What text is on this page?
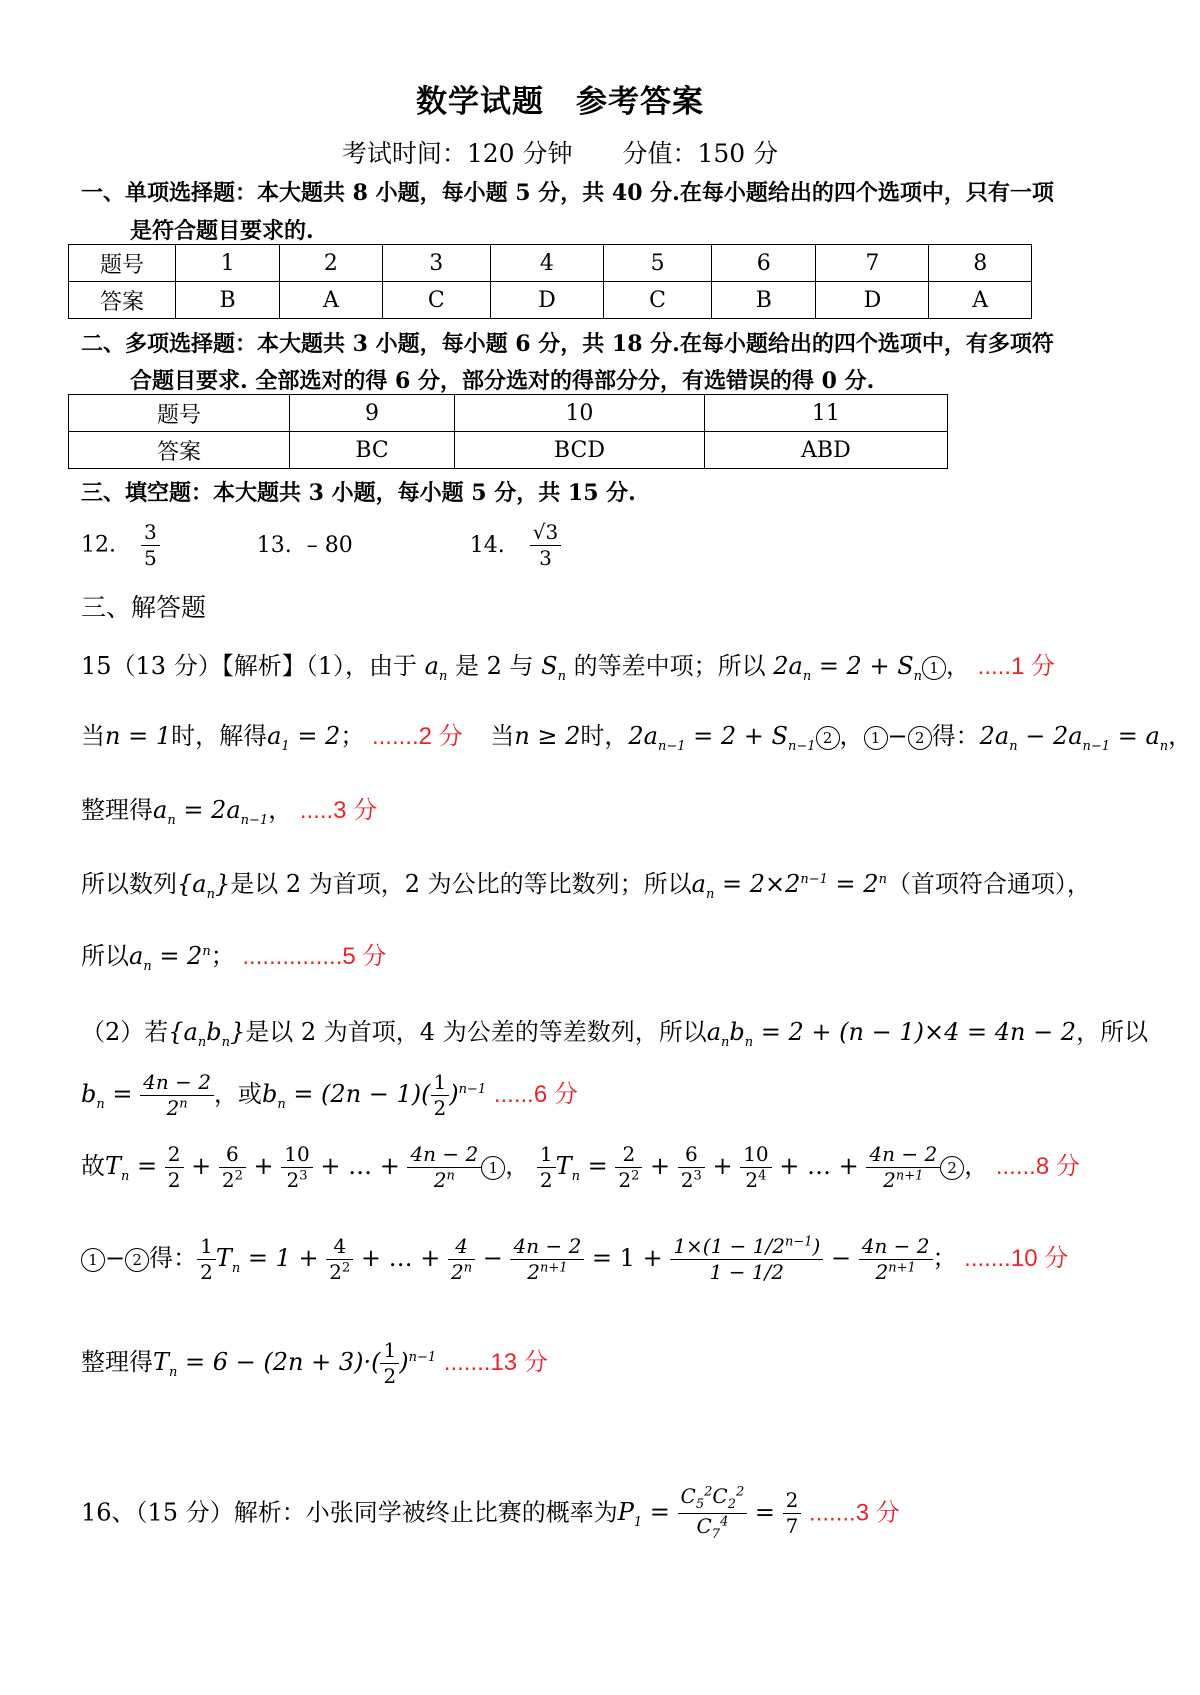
数学试题　参考答案
考试时间：120 分钟　　分值：150 分
一、单项选择题：本大题共 8 小题，每小题 5 分，共 40 分.在每小题给出的四个选项中，只有一项
是符合题目要求的.
题号	1	2	3	4	5	6	7	8
答案	B	A	C	D	C	B	D	A
二、多项选择题：本大题共 3 小题，每小题 6 分，共 18 分.在每小题给出的四个选项中，有多项符
合题目要求. 全部选对的得 6 分，部分选对的得部分分，有选错误的得 0 分.
题号	9	10	11
答案	BC	BCD	ABD
三、填空题：本大题共 3 小题，每小题 5 分，共 15 分.
12. $\frac{3}{5}$	13. – 80	14. $\frac{√3}{3}$
三、解答题
15（13 分）【解析】（1），由于 $a_n$ 是 2 与 $S_n$ 的等差中项；所以 $2a_n = 2 + S_n$ 1 ， .....1 分
当n = 1时，解得$a_1 = 2$； .......2 分 当n ≥ 2时，$2a_{n-1} = 2 + S_{n-1}$ 2 ， 1 − 2 得：$2a_n - 2a_{n-1} = a_n$，
整理得$a_n = 2a_{n-1}$， .....3 分
所以数列$\{a_n\}$是以 2 为首项，2 为公比的等比数列；所以$a_n = 2\times 2^{n-1} = 2^n$（首项符合通项），
所以$a_n = 2^n$； ...............5 分
（2）若$\{a_nb_n\}$是以 2 为首项，4 为公差的等差数列，所以$a_nb_n = 2 + (n - 1)\times 4 = 4n - 2$，所以
$b_n = \frac{4n - 2}{2^n}$ ，或$b_n = (2n - 1)( \frac{1}{2} )^{n-1}$ ......6 分
故$T_n = \frac{2}{2} + \frac{6}{2^2} + \frac{10}{2^3}$ + … + $\frac{4n - 2}{2^n} 1$ ， $\frac{1}{2} T_n = \frac{2}{2^2} + \frac{6}{2^3} + \frac{10}{2^4}$ + … + $\frac{4n - 2}{2^{n+1}} 2$ ， ......8 分
1 − 2 得： $\frac{1}{2} T_n = 1 + \frac{4}{2^2}$ + … + $\frac{4}{2^n} - \frac{4n - 2}{2^{n+1}} = 1 + \frac{1\times(1 - 1/2^{n-1})}{1 - 1/2} - \frac{4n - 2}{2^{n+1}}$ ； .......10 分
整理得$T_n = 6 - (2n + 3)\cdot( \frac{1}{2} )^{n-1}$ .......13 分
16、（15 分）解析：小张同学被终止比赛的概率为$P_1 = \frac{C_5^2C_2^2}{C_7^4} = \frac{2}{7} .......3$ 分
